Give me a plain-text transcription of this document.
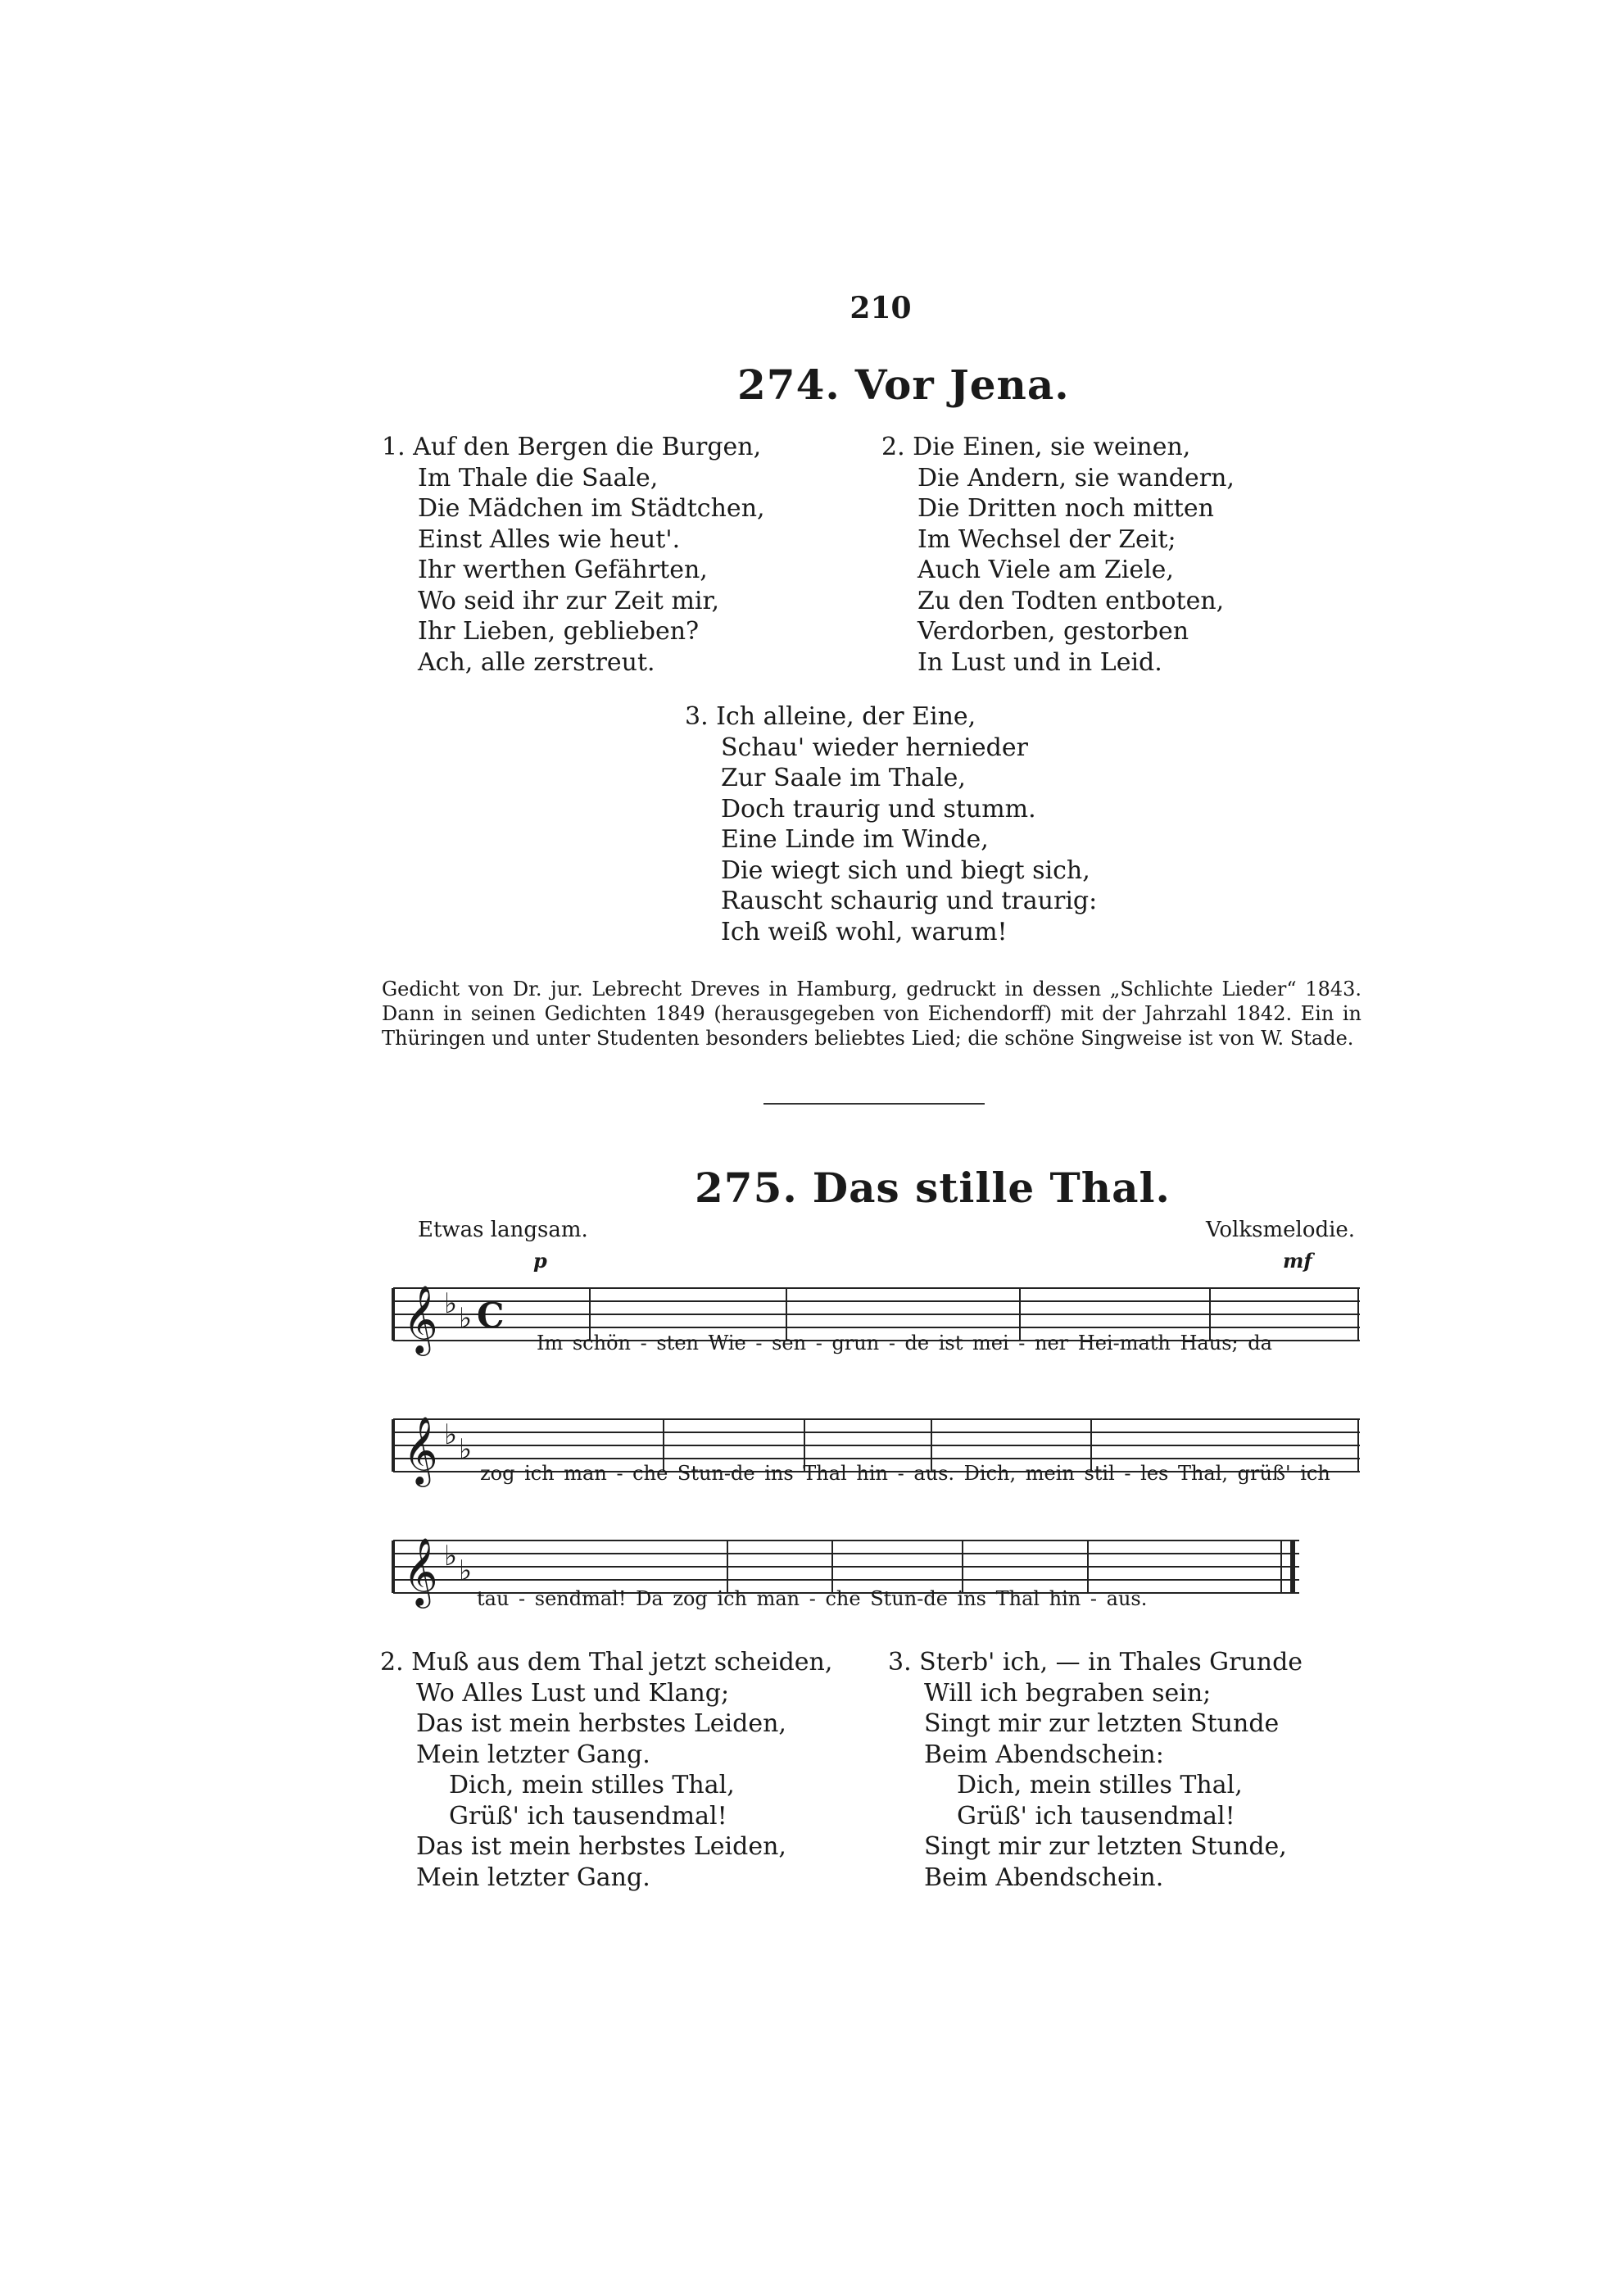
210
274. Vor Jena.
1. Auf den Bergen die Burgen,
Im Thale die Saale,
Die Mädchen im Städtchen,
Einst Alles wie heut'.
Ihr werthen Gefährten,
Wo seid ihr zur Zeit mir,
Ihr Lieben, geblieben?
Ach, alle zerstreut.
2. Die Einen, sie weinen,
Die Andern, sie wandern,
Die Dritten noch mitten
Im Wechsel der Zeit;
Auch Viele am Ziele,
Zu den Todten entboten,
Verdorben, gestorben
In Lust und in Leid.
3. Ich alleine, der Eine,
Schau' wieder hernieder
Zur Saale im Thale,
Doch traurig und stumm.
Eine Linde im Winde,
Die wiegt sich und biegt sich,
Rauscht schaurig und traurig:
Ich weiß wohl, warum!
Gedicht von Dr. jur. Lebrecht Dreves in Hamburg, gedruckt in dessen „Schlichte Lieder“ 1843. Dann in seinen Gedichten 1849 (herausgegeben von Eichendorff) mit der Jahrzahl 1842. Ein in Thüringen und unter Studenten besonders beliebtes Lied; die schöne Singweise ist von W. Stade.
275. Das stille Thal.
Etwas langsam.	Volksmelodie.
p	mf
𝄞 ♭ ♭ C
Im schön - sten Wie - sen - grun - de ist mei - ner Hei-math Haus; da
𝄞 ♭ ♭
zog ich man - che Stun-de ins Thal hin - aus. Dich, mein stil - les Thal, grüß' ich
𝄞 ♭ ♭
tau - sendmal! Da zog ich man - che Stun-de ins Thal hin - aus.
2. Muß aus dem Thal jetzt scheiden,
Wo Alles Lust und Klang;
Das ist mein herbstes Leiden,
Mein letzter Gang.
Dich, mein stilles Thal,
Grüß' ich tausendmal!
Das ist mein herbstes Leiden,
Mein letzter Gang.
3. Sterb' ich, — in Thales Grunde
Will ich begraben sein;
Singt mir zur letzten Stunde
Beim Abendschein:
Dich, mein stilles Thal,
Grüß' ich tausendmal!
Singt mir zur letzten Stunde,
Beim Abendschein.
